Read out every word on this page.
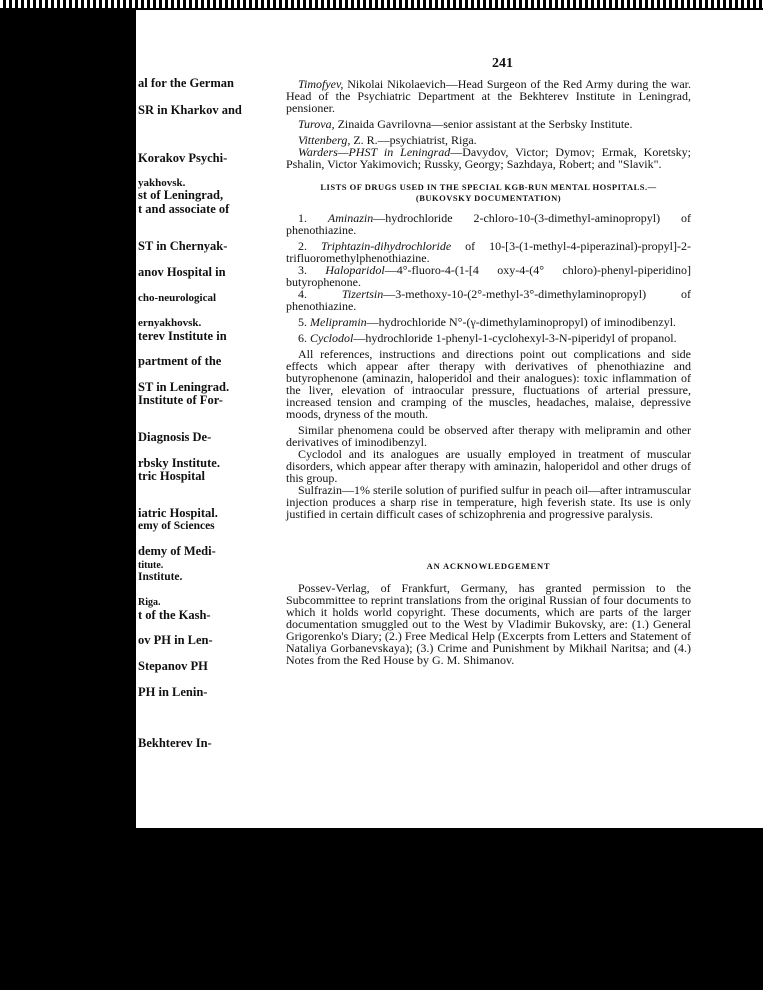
al for the German
SR in Kharkov and
Korakov Psychi-
yakhovsk.
st of Leningrad,
t and associate of
ST in Chernyak-
anov Hospital in
cho-neurological
ernyakhovsk.
terev Institute in
partment of the
ST in Leningrad.
Institute of For-
Diagnosis De-
rbsky Institute.
tric Hospital
iatric Hospital.
emy of Sciences
demy of Medi-
titute.
Institute.
Riga.
t of the Kash-
ov PH in Len-
Stepanov PH
PH in Lenin-
Bekhterev In-
241

Timofyev, Nikolai Nikolaevich—Head Surgeon of the Red Army during the war. Head of the Psychiatric Department at the Bekhterev Institute in Leningrad, pensioner.

Turova, Zinaida Gavrilovna—senior assistant at the Serbsky Institute.

Vittenberg, Z. R.—psychiatrist, Riga.

Warders—PHST in Leningrad—Davydov, Victor; Dymov; Ermak, Koretsky; Pshalin, Victor Yakimovich; Russky, Georgy; Sazhdaya, Robert; and "Slavik".

LISTS OF DRUGS USED IN THE SPECIAL KGB-RUN MENTAL HOSPITALS.—
(BUKOVSKY DOCUMENTATION)

1. Aminazin—hydrochloride 2-chloro-10-(3-dimethyl-aminopropyl) of phenothiazine.

2. Triphtazin-dihydrochloride of 10-[3-(1-methyl-4-piperazinal)-propyl]-2-trifluoromethylphenothiazine.

3. Haloparidol—4°-fluoro-4-(1-[4 oxy-4-(4° chloro)-phenyl-piperidino] butyrophenone.

4.	Tizertsin—3-methoxy-10-(2°-methyl-3°-dimethylaminopropyl) of phenothiazine.

5. Melipramin—hydrochloride N°-(γ-dimethylaminopropyl) of iminodibenzyl.

6. Cyclodol—hydrochloride 1-phenyl-1-cyclohexyl-3-N-piperidyl of propanol.

All references, instructions and directions point out complications and side effects which appear after therapy with derivatives of phenothiazine and butyrophenone (aminazin, haloperidol and their analogues): toxic inflammation of the liver, elevation of intraocular pressure, fluctuations of arterial pressure, increased tension and cramping of the muscles, headaches, malaise, depressive moods, dryness of the mouth.

Similar phenomena could be observed after therapy with melipramin and other derivatives of iminodibenzyl.

Cyclodol and its analogues are usually employed in treatment of muscular disorders, which appear after therapy with aminazin, haloperidol and other drugs of this group.

Sulfrazin—1% sterile solution of purified sulfur in peach oil—after intramuscular injection produces a sharp rise in temperature, high feverish state. Its use is only justified in certain difficult cases of schizophrenia and progressive paralysis.

AN ACKNOWLEDGEMENT

Possev-Verlag, of Frankfurt, Germany, has granted permission to the Subcommittee to reprint translations from the original Russian of four documents to which it holds world copyright. These documents, which are parts of the larger documentation smuggled out to the West by Vladimir Bukovsky, are: (1.) General Grigorenko's Diary; (2.) Free Medical Help (Excerpts from Letters and Statement of Nataliya Gorbanevskaya); (3.) Crime and Punishment by Mikhail Naritsa; and (4.) Notes from the Red House by G. M. Shimanov.
